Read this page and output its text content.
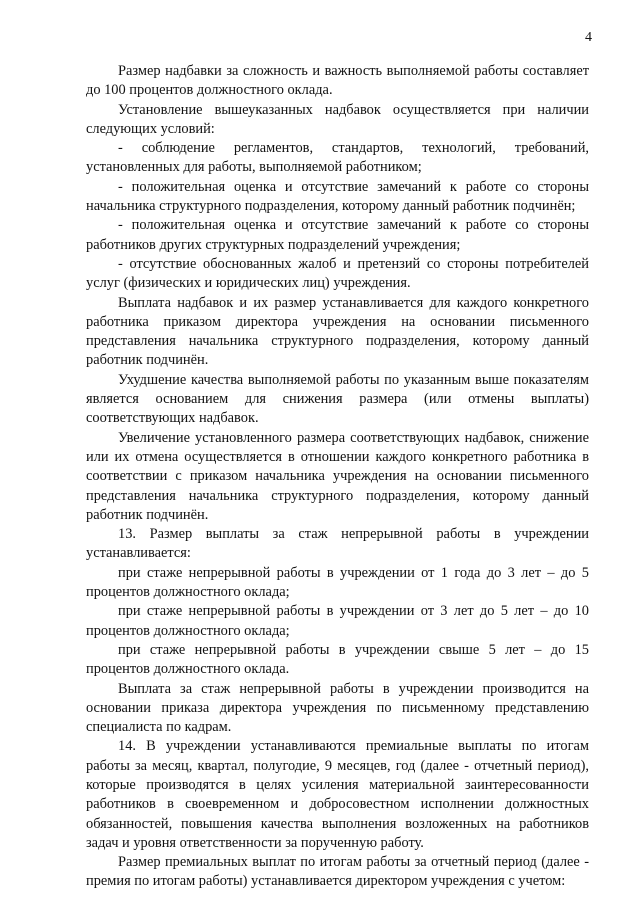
4

Размер надбавки за сложность и важность выполняемой работы составляет до 100 процентов должностного оклада.

Установление вышеуказанных надбавок осуществляется при наличии следующих условий:

- соблюдение регламентов, стандартов, технологий, требований, установленных для работы, выполняемой работником;

- положительная оценка и отсутствие замечаний к работе со стороны начальника структурного подразделения, которому данный работник подчинён;

- положительная оценка и отсутствие замечаний к работе со стороны работников других структурных подразделений учреждения;

- отсутствие обоснованных жалоб и претензий со стороны потребителей услуг (физических и юридических лиц) учреждения.

Выплата надбавок и их размер устанавливается для каждого конкретного работника приказом директора учреждения на основании письменного представления начальника структурного подразделения, которому данный работник подчинён.

Ухудшение качества выполняемой работы по указанным выше показателям является основанием для снижения размера (или отмены выплаты) соответствующих надбавок.

Увеличение установленного размера соответствующих надбавок, снижение или их отмена осуществляется в отношении каждого конкретного работника в соответствии с приказом начальника учреждения на основании письменного представления начальника структурного подразделения, которому данный работник подчинён.

13. Размер выплаты за стаж непрерывной работы в учреждении устанавливается:

при стаже непрерывной работы в учреждении от 1 года до 3 лет – до 5 процентов должностного оклада;

при стаже непрерывной работы в учреждении от 3 лет до 5 лет – до 10 процентов должностного оклада;

при стаже непрерывной работы в учреждении свыше 5 лет – до 15 процентов должностного оклада.

Выплата за стаж непрерывной работы в учреждении производится на основании приказа директора учреждения по письменному представлению специалиста по кадрам.

14. В учреждении устанавливаются премиальные выплаты по итогам работы за месяц, квартал, полугодие, 9 месяцев, год (далее - отчетный период), которые производятся в целях усиления материальной заинтересованности работников в своевременном и добросовестном исполнении должностных обязанностей, повышения качества выполнения возложенных на работников задач и уровня ответственности за порученную работу.

Размер премиальных выплат по итогам работы за отчетный период (далее - премия по итогам работы) устанавливается директором учреждения с учетом:
